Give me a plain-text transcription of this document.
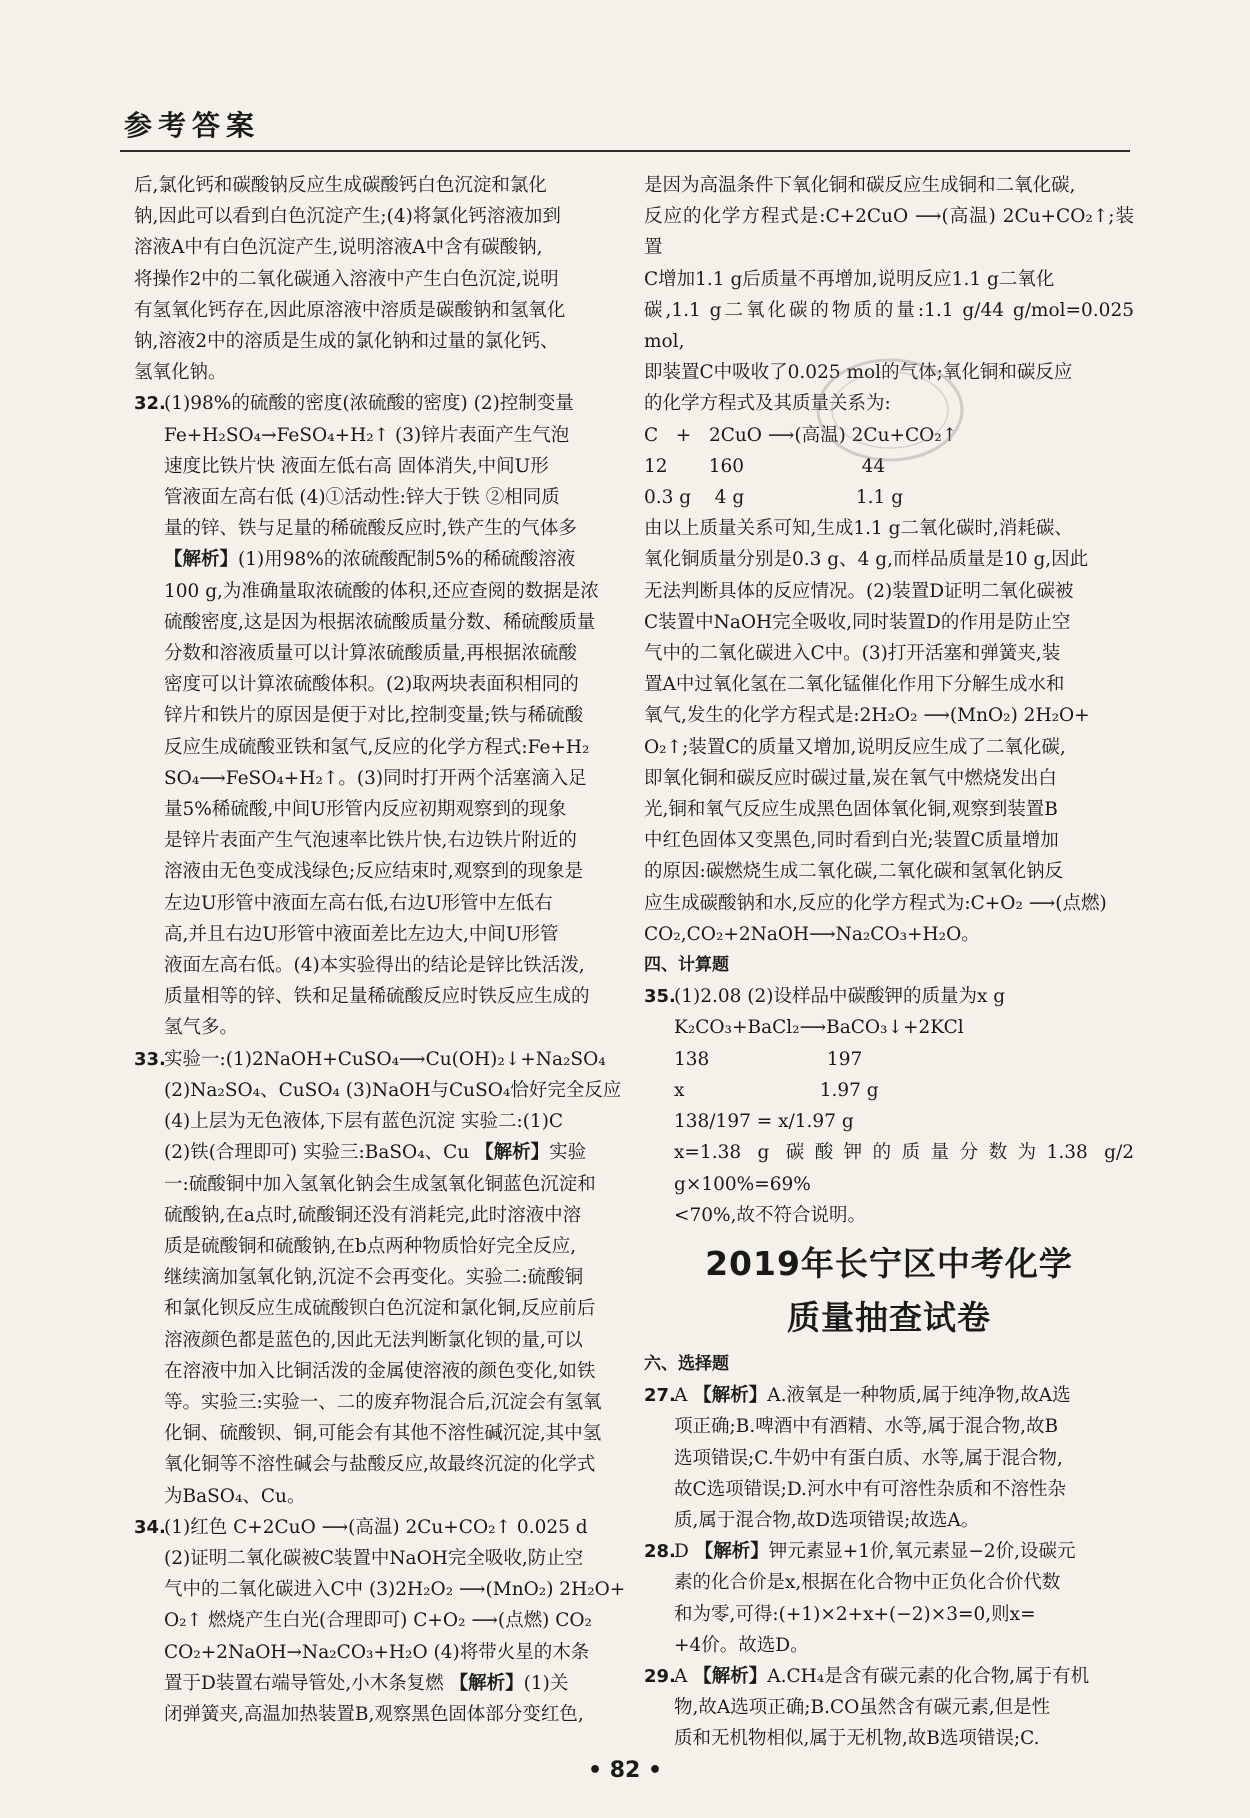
参考答案

后,氯化钙和碳酸钠反应生成碳酸钙白色沉淀和氯化

钠,因此可以看到白色沉淀产生;(4)将氯化钙溶液加到

溶液A中有白色沉淀产生,说明溶液A中含有碳酸钠,

将操作2中的二氧化碳通入溶液中产生白色沉淀,说明

有氢氧化钙存在,因此原溶液中溶质是碳酸钠和氢氧化

钠,溶液2中的溶质是生成的氯化钠和过量的氯化钙、

氢氧化钠。

32.

(1)98%的硫酸的密度(浓硫酸的密度) (2)控制变量

Fe+H₂SO₄→FeSO₄+H₂↑ (3)锌片表面产生气泡

速度比铁片快 液面左低右高 固体消失,中间U形

管液面左高右低 (4)①活动性:锌大于铁 ②相同质

量的锌、铁与足量的稀硫酸反应时,铁产生的气体多

【解析】(1)用98%的浓硫酸配制5%的稀硫酸溶液

100 g,为准确量取浓硫酸的体积,还应查阅的数据是浓

硫酸密度,这是因为根据浓硫酸质量分数、稀硫酸质量

分数和溶液质量可以计算浓硫酸质量,再根据浓硫酸

密度可以计算浓硫酸体积。(2)取两块表面积相同的

锌片和铁片的原因是便于对比,控制变量;铁与稀硫酸

反应生成硫酸亚铁和氢气,反应的化学方程式:Fe+H₂

SO₄⟶FeSO₄+H₂↑。(3)同时打开两个活塞滴入足

量5%稀硫酸,中间U形管内反应初期观察到的现象

是锌片表面产生气泡速率比铁片快,右边铁片附近的

溶液由无色变成浅绿色;反应结束时,观察到的现象是

左边U形管中液面左高右低,右边U形管中左低右

高,并且右边U形管中液面差比左边大,中间U形管

液面左高右低。(4)本实验得出的结论是锌比铁活泼,

质量相等的锌、铁和足量稀硫酸反应时铁反应生成的

氢气多。

33.

实验一:(1)2NaOH+CuSO₄⟶Cu(OH)₂↓+Na₂SO₄

(2)Na₂SO₄、CuSO₄ (3)NaOH与CuSO₄恰好完全反应

(4)上层为无色液体,下层有蓝色沉淀 实验二:(1)C

(2)铁(合理即可) 实验三:BaSO₄、Cu 【解析】实验

一:硫酸铜中加入氢氧化钠会生成氢氧化铜蓝色沉淀和

硫酸钠,在a点时,硫酸铜还没有消耗完,此时溶液中溶

质是硫酸铜和硫酸钠,在b点两种物质恰好完全反应,

继续滴加氢氧化钠,沉淀不会再变化。实验二:硫酸铜

和氯化钡反应生成硫酸钡白色沉淀和氯化铜,反应前后

溶液颜色都是蓝色的,因此无法判断氯化钡的量,可以

在溶液中加入比铜活泼的金属使溶液的颜色变化,如铁

等。实验三:实验一、二的废弃物混合后,沉淀会有氢氧

化铜、硫酸钡、铜,可能会有其他不溶性碱沉淀,其中氢

氧化铜等不溶性碱会与盐酸反应,故最终沉淀的化学式

为BaSO₄、Cu。

34.

(1)红色 C+2CuO ⟶(高温) 2Cu+CO₂↑ 0.025 d

(2)证明二氧化碳被C装置中NaOH完全吸收,防止空

气中的二氧化碳进入C中 (3)2H₂O₂ ⟶(MnO₂) 2H₂O+

O₂↑ 燃烧产生白光(合理即可) C+O₂ ⟶(点燃) CO₂

CO₂+2NaOH→Na₂CO₃+H₂O (4)将带火星的木条

置于D装置右端导管处,小木条复燃 【解析】(1)关

闭弹簧夹,高温加热装置B,观察黑色固体部分变红色,

是因为高温条件下氧化铜和碳反应生成铜和二氧化碳,

反应的化学方程式是:C+2CuO ⟶(高温) 2Cu+CO₂↑;装置

C增加1.1 g后质量不再增加,说明反应1.1 g二氧化

碳,1.1 g二氧化碳的物质的量:1.1 g/44 g/mol=0.025 mol,

即装置C中吸收了0.025 mol的气体;氧化铜和碳反应

的化学方程式及其质量关系为:

C   +   2CuO ⟶(高温) 2Cu+CO₂↑

12       160                    44

0.3 g    4 g                   1.1 g

由以上质量关系可知,生成1.1 g二氧化碳时,消耗碳、

氧化铜质量分别是0.3 g、4 g,而样品质量是10 g,因此

无法判断具体的反应情况。(2)装置D证明二氧化碳被

C装置中NaOH完全吸收,同时装置D的作用是防止空

气中的二氧化碳进入C中。(3)打开活塞和弹簧夹,装

置A中过氧化氢在二氧化锰催化作用下分解生成水和

氧气,发生的化学方程式是:2H₂O₂ ⟶(MnO₂) 2H₂O+

O₂↑;装置C的质量又增加,说明反应生成了二氧化碳,

即氧化铜和碳反应时碳过量,炭在氧气中燃烧发出白

光,铜和氧气反应生成黑色固体氧化铜,观察到装置B

中红色固体又变黑色,同时看到白光;装置C质量增加

的原因:碳燃烧生成二氧化碳,二氧化碳和氢氧化钠反

应生成碳酸钠和水,反应的化学方程式为:C+O₂ ⟶(点燃)

CO₂,CO₂+2NaOH⟶Na₂CO₃+H₂O。

四、计算题

35.

(1)2.08 (2)设样品中碳酸钾的质量为x g

K₂CO₃+BaCl₂⟶BaCO₃↓+2KCl

138                    197

x                       1.97 g

138/197 = x/1.97 g

x=1.38 g 碳酸钾的质量分数为1.38 g/2 g×100%=69%

<70%,故不符合说明。

2019年长宁区中考化学
质量抽查试卷

六、选择题

27.

A 【解析】A.液氧是一种物质,属于纯净物,故A选

项正确;B.啤酒中有酒精、水等,属于混合物,故B

选项错误;C.牛奶中有蛋白质、水等,属于混合物,

故C选项错误;D.河水中有可溶性杂质和不溶性杂

质,属于混合物,故D选项错误;故选A。

28.

D 【解析】钾元素显+1价,氧元素显−2价,设碳元

素的化合价是x,根据在化合物中正负化合价代数

和为零,可得:(+1)×2+x+(−2)×3=0,则x=

+4价。故选D。

29.

A 【解析】A.CH₄是含有碳元素的化合物,属于有机

物,故A选项正确;B.CO虽然含有碳元素,但是性

质和无机物相似,属于无机物,故B选项错误;C.

• 82 •
